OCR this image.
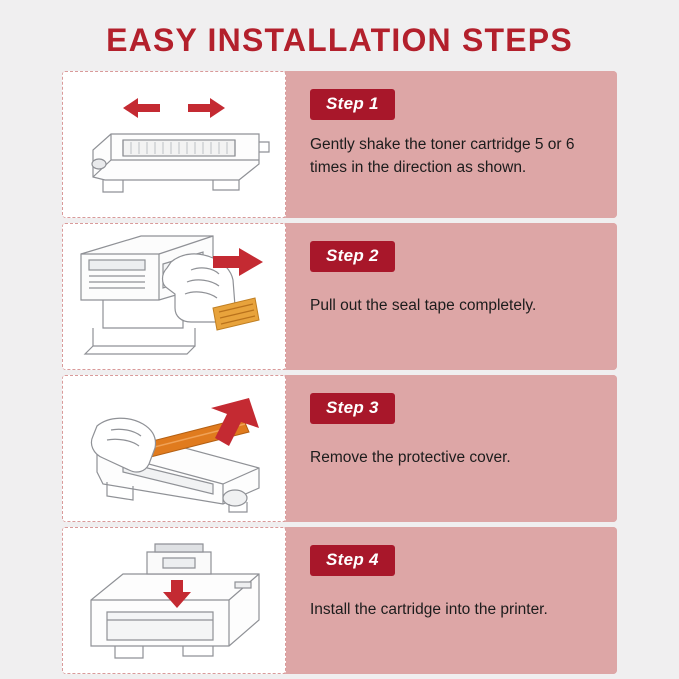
EASY INSTALLATION STEPS
Step 1
Gently shake the toner cartridge 5 or 6 times in the direction as shown.
Step 2
Pull out the seal tape completely.
Step 3
Remove the protective cover.
Step 4
Install the cartridge into the printer.
